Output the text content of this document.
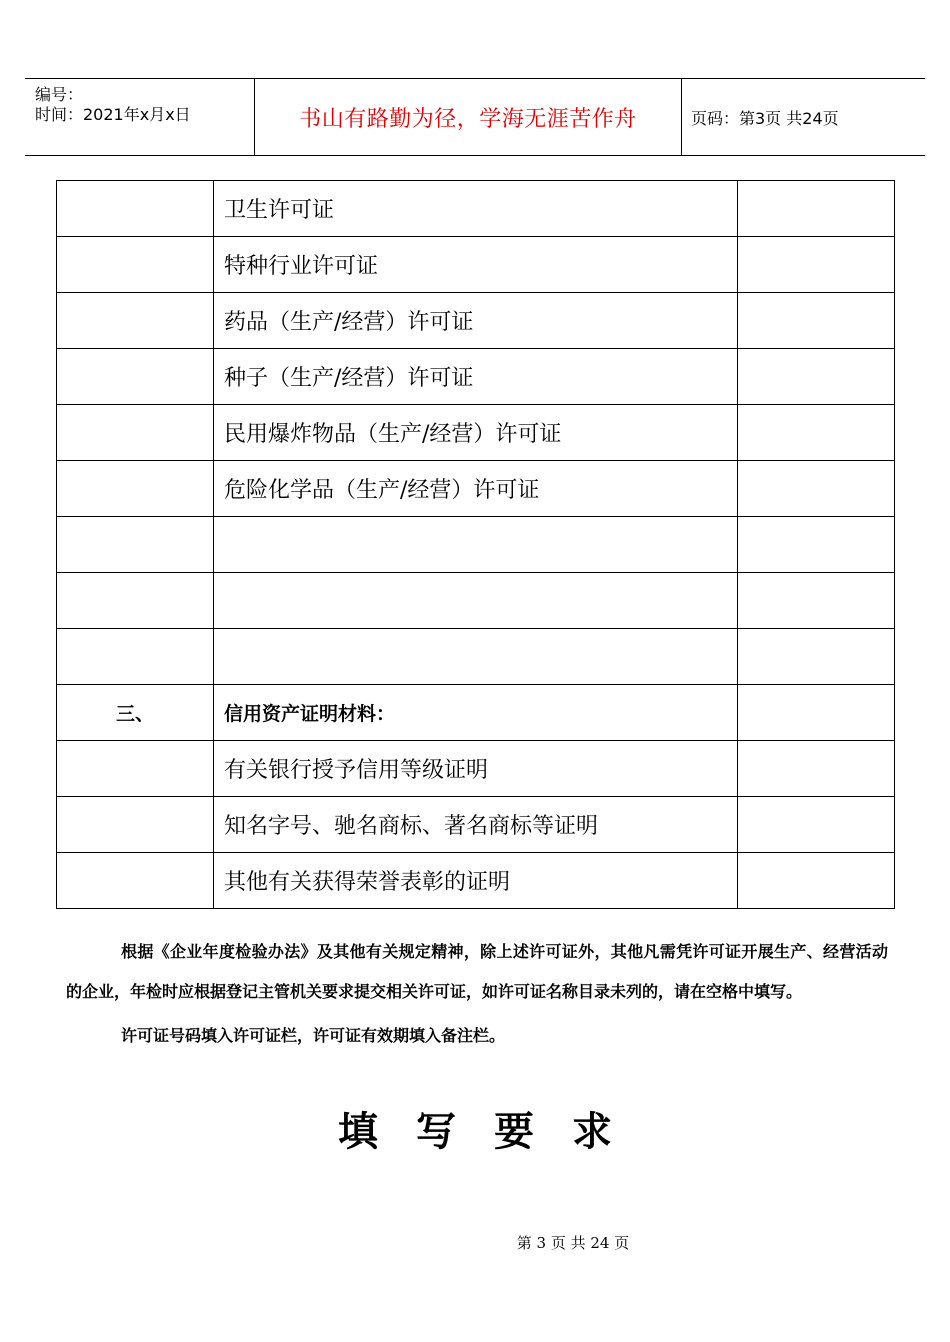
编号：
时间：2021年x月x日	书山有路勤为径，学海无涯苦作舟	页码：第3页 共24页
	卫生许可证	
	特种行业许可证	
	药品（生产/经营）许可证	
	种子（生产/经营）许可证	
	民用爆炸物品（生产/经营）许可证	
	危险化学品（生产/经营）许可证	

三、	信用资产证明材料：	
	有关银行授予信用等级证明	
	知名字号、驰名商标、著名商标等证明	
	其他有关获得荣誉表彰的证明	

根据《企业年度检验办法》及其他有关规定精神，除上述许可证外，其他凡需凭许可证开展生产、经营活动的企业，年检时应根据登记主管机关要求提交相关许可证，如许可证名称目录未列的，请在空格中填写。

许可证号码填入许可证栏，许可证有效期填入备注栏。

填写要求
第 3 页 共 24 页
